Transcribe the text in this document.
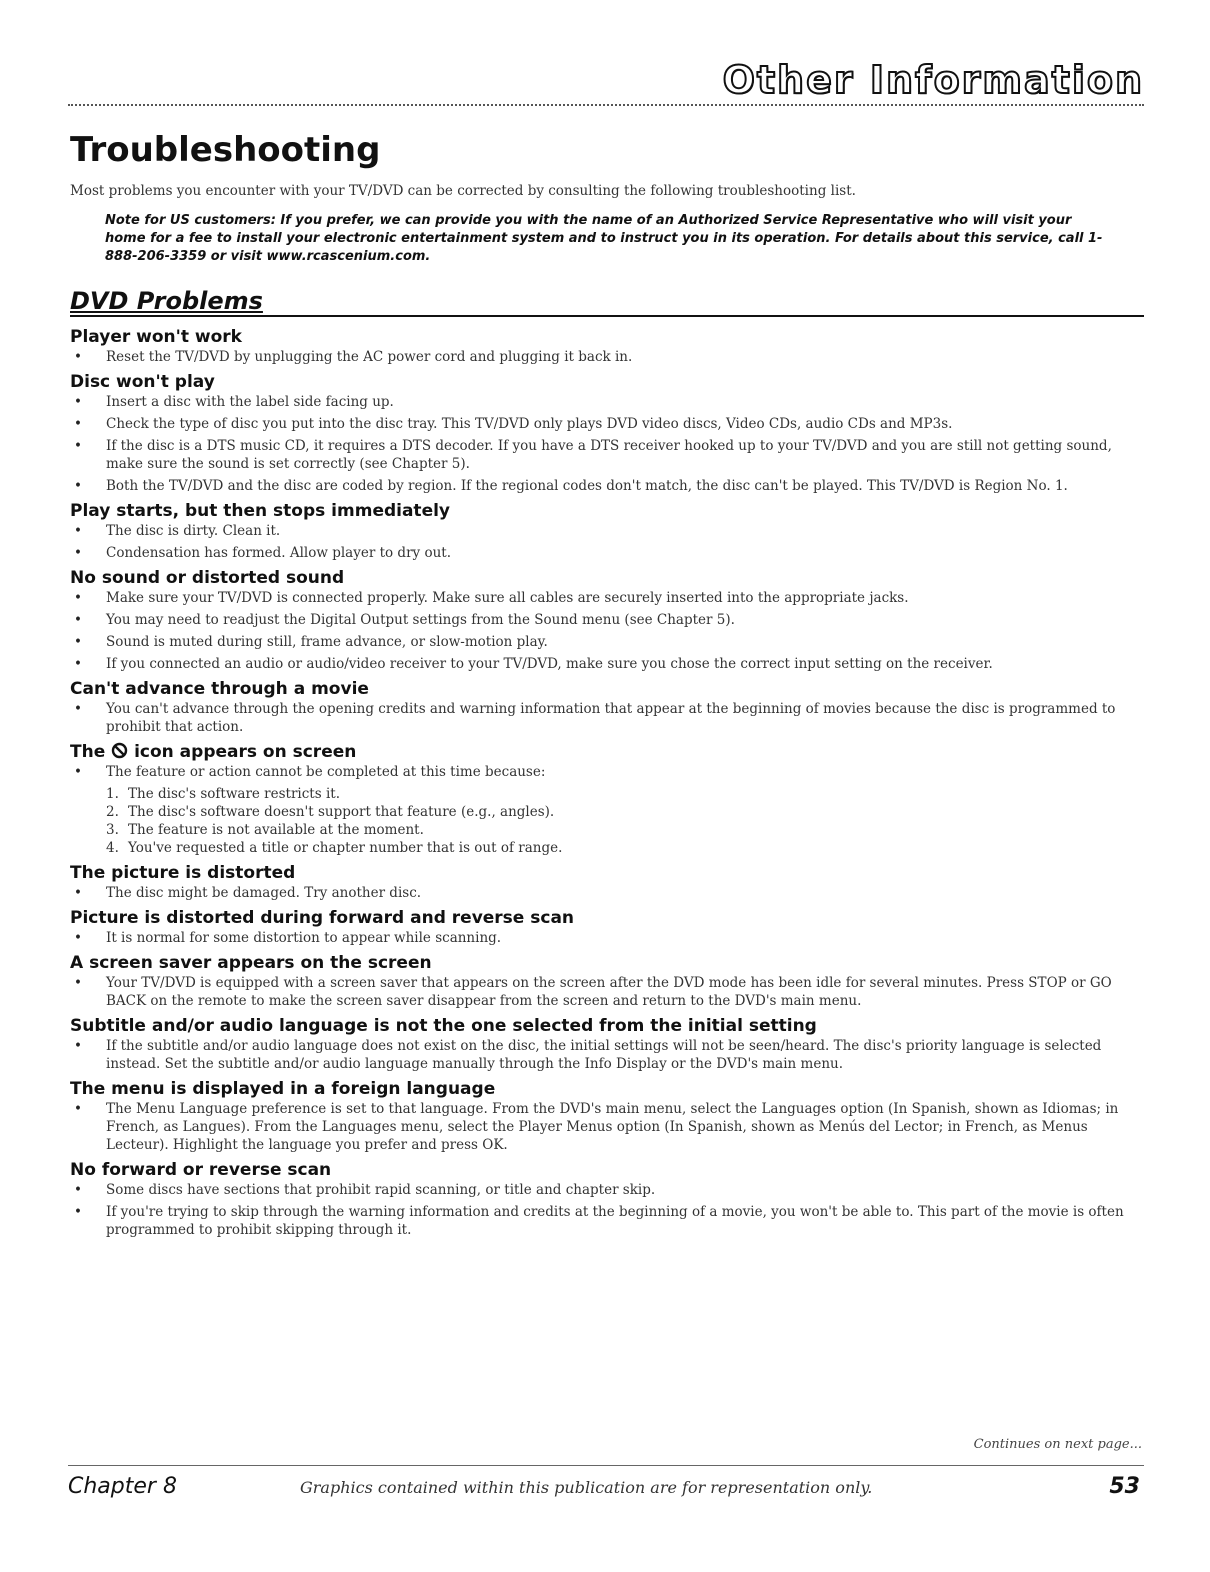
Other Information
Troubleshooting
Most problems you encounter with your TV/DVD can be corrected by consulting the following troubleshooting list.
Note for US customers: If you prefer, we can provide you with the name of an Authorized Service Representative who will visit your home for a fee to install your electronic entertainment system and to instruct you in its operation. For details about this service, call 1-888-206-3359 or visit www.rcascenium.com.
DVD Problems
Player won't work
• Reset the TV/DVD by unplugging the AC power cord and plugging it back in.
Disc won't play
• Insert a disc with the label side facing up.
• Check the type of disc you put into the disc tray. This TV/DVD only plays DVD video discs, Video CDs, audio CDs and MP3s.
• If the disc is a DTS music CD, it requires a DTS decoder. If you have a DTS receiver hooked up to your TV/DVD and you are still not getting sound, make sure the sound is set correctly (see Chapter 5).
• Both the TV/DVD and the disc are coded by region. If the regional codes don't match, the disc can't be played. This TV/DVD is Region No. 1.
Play starts, but then stops immediately
• The disc is dirty. Clean it.
• Condensation has formed. Allow player to dry out.
No sound or distorted sound
• Make sure your TV/DVD is connected properly. Make sure all cables are securely inserted into the appropriate jacks.
• You may need to readjust the Digital Output settings from the Sound menu (see Chapter 5).
• Sound is muted during still, frame advance, or slow-motion play.
• If you connected an audio or audio/video receiver to your TV/DVD, make sure you chose the correct input setting on the receiver.
Can't advance through a movie
• You can't advance through the opening credits and warning information that appear at the beginning of movies because the disc is programmed to prohibit that action.
The icon appears on screen
• The feature or action cannot be completed at this time because:
1. The disc's software restricts it.
2. The disc's software doesn't support that feature (e.g., angles).
3. The feature is not available at the moment.
4. You've requested a title or chapter number that is out of range.
The picture is distorted
• The disc might be damaged. Try another disc.
Picture is distorted during forward and reverse scan
• It is normal for some distortion to appear while scanning.
A screen saver appears on the screen
• Your TV/DVD is equipped with a screen saver that appears on the screen after the DVD mode has been idle for several minutes. Press STOP or GO BACK on the remote to make the screen saver disappear from the screen and return to the DVD's main menu.
Subtitle and/or audio language is not the one selected from the initial setting
• If the subtitle and/or audio language does not exist on the disc, the initial settings will not be seen/heard. The disc's priority language is selected instead. Set the subtitle and/or audio language manually through the Info Display or the DVD's main menu.
The menu is displayed in a foreign language
• The Menu Language preference is set to that language. From the DVD's main menu, select the Languages option (In Spanish, shown as Idiomas; in French, as Langues). From the Languages menu, select the Player Menus option (In Spanish, shown as Menús del Lector; in French, as Menus Lecteur). Highlight the language you prefer and press OK.
No forward or reverse scan
• Some discs have sections that prohibit rapid scanning, or title and chapter skip.
• If you're trying to skip through the warning information and credits at the beginning of a movie, you won't be able to. This part of the movie is often programmed to prohibit skipping through it.
Continues on next page...
Chapter 8	Graphics contained within this publication are for representation only.	53
